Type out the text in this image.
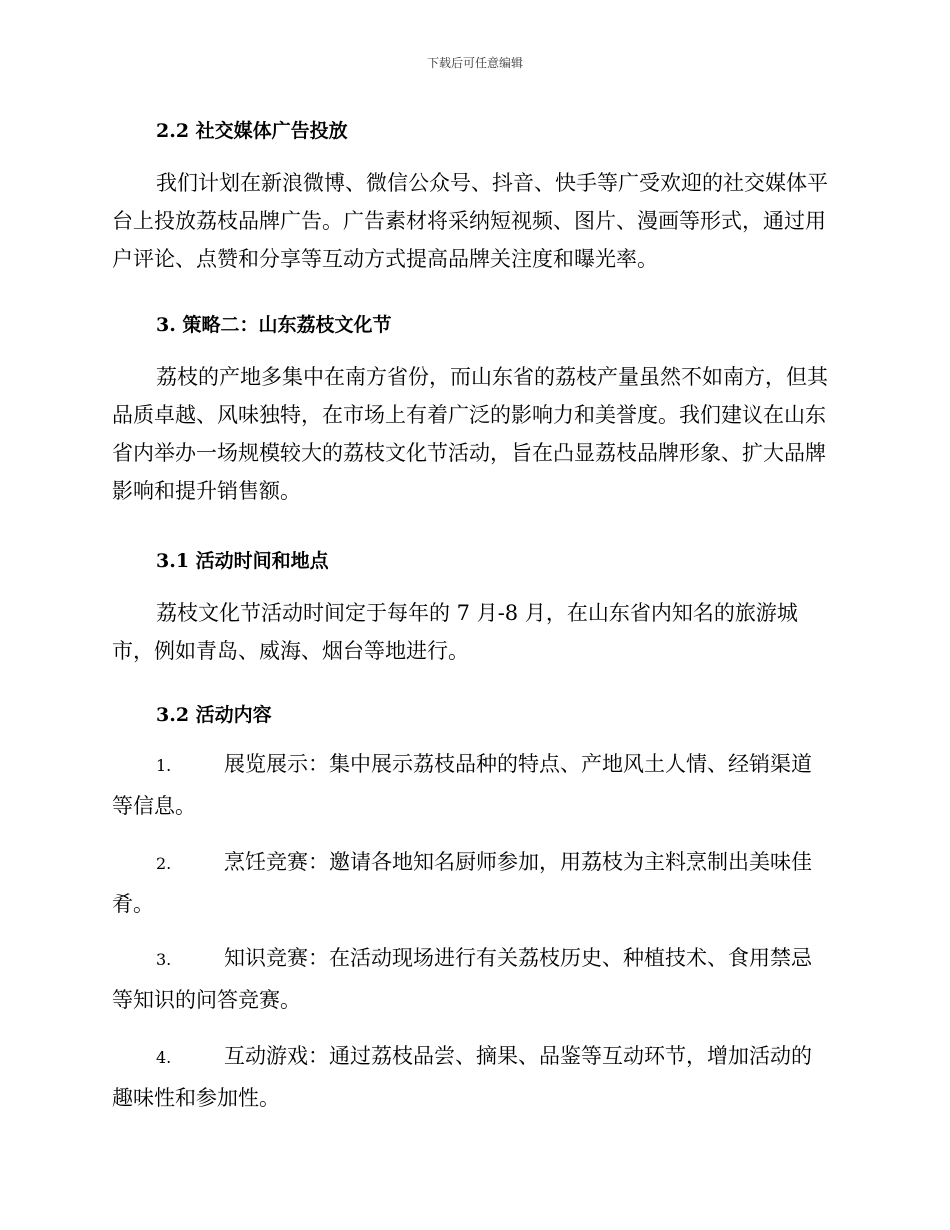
下载后可任意编辑
2.2 社交媒体广告投放
我们计划在新浪微博、微信公众号、抖音、快手等广受欢迎的社交媒体平台上投放荔枝品牌广告。广告素材将采纳短视频、图片、漫画等形式，通过用户评论、点赞和分享等互动方式提高品牌关注度和曝光率。
3. 策略二：山东荔枝文化节
荔枝的产地多集中在南方省份，而山东省的荔枝产量虽然不如南方，但其品质卓越、风味独特，在市场上有着广泛的影响力和美誉度。我们建议在山东省内举办一场规模较大的荔枝文化节活动，旨在凸显荔枝品牌形象、扩大品牌影响和提升销售额。
3.1 活动时间和地点
荔枝文化节活动时间定于每年的 7 月-8 月，在山东省内知名的旅游城市，例如青岛、威海、烟台等地进行。
3.2 活动内容
1.	展览展示：集中展示荔枝品种的特点、产地风土人情、经销渠道等信息。
2.	烹饪竞赛：邀请各地知名厨师参加，用荔枝为主料烹制出美味佳肴。
3.	知识竞赛：在活动现场进行有关荔枝历史、种植技术、食用禁忌等知识的问答竞赛。
4.	互动游戏：通过荔枝品尝、摘果、品鉴等互动环节，增加活动的趣味性和参加性。
